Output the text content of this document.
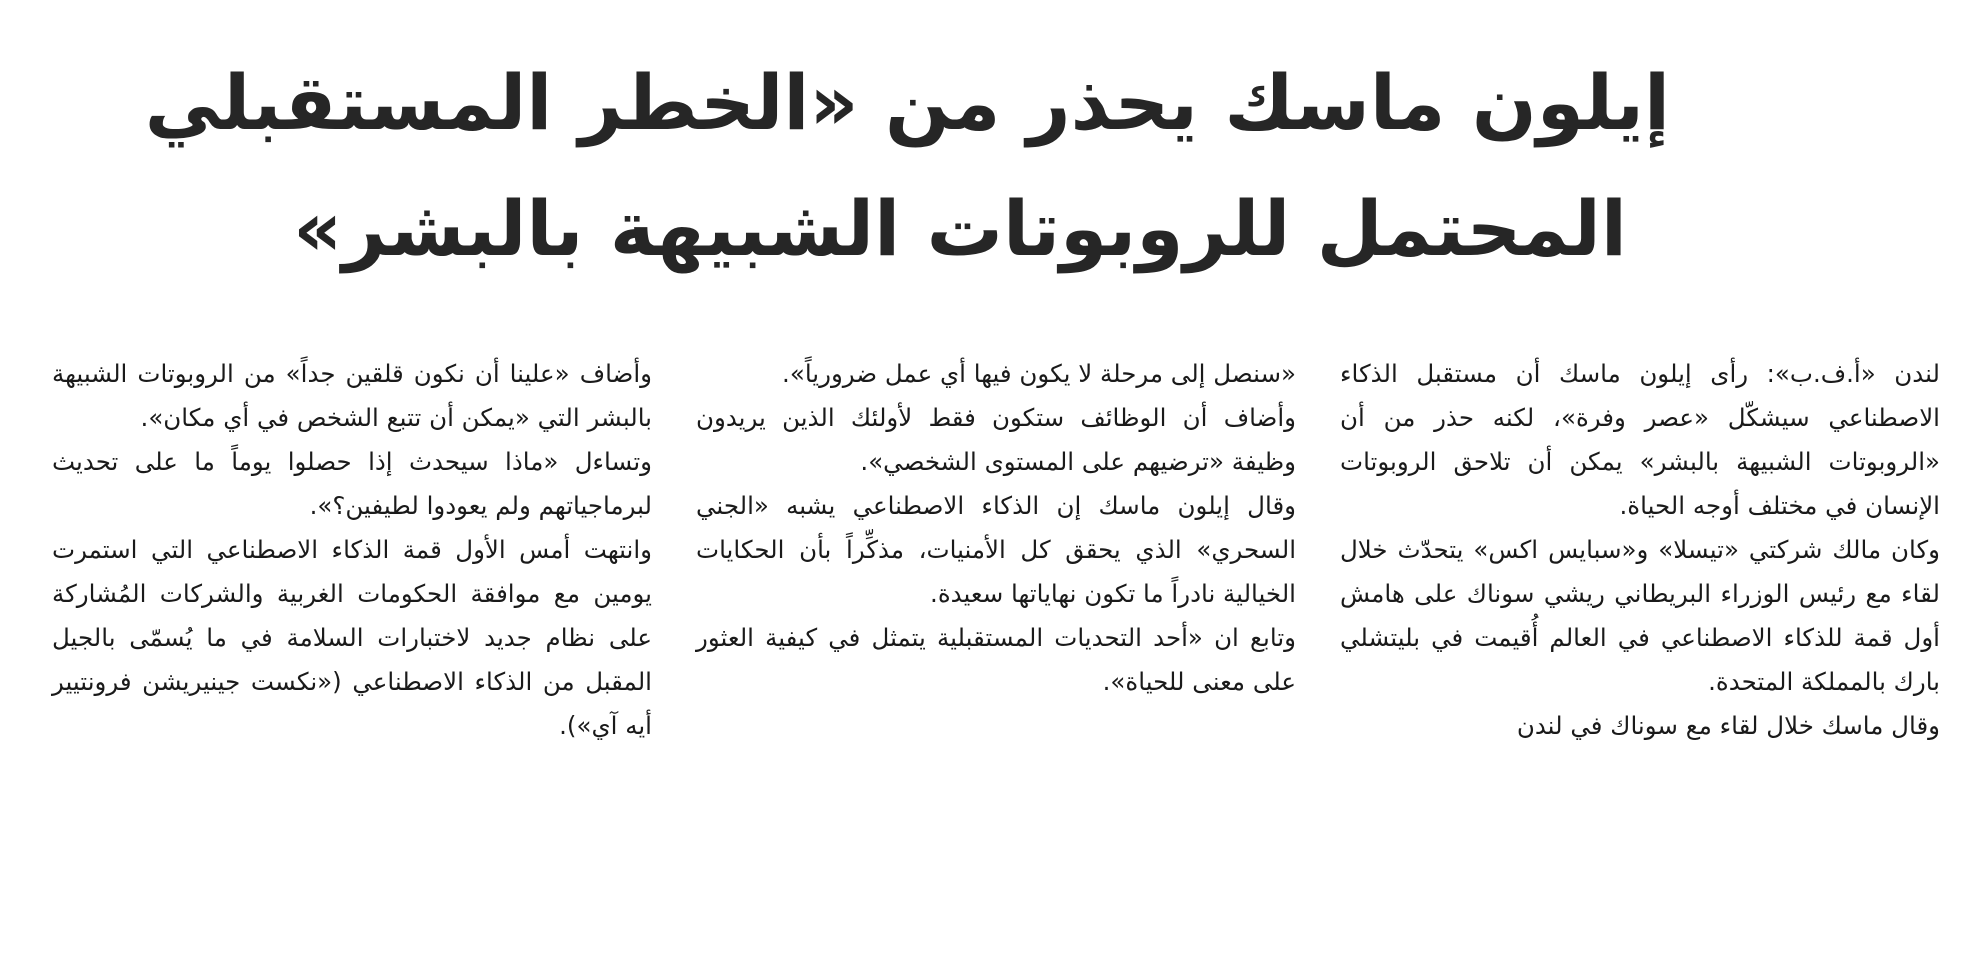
إيلون ماسك يحذر من «الخطر المستقبلي
المحتمل للروبوتات الشبيهة بالبشر»

لندن «أ.ف.ب»: رأى إيلون ماسك أن مستقبل الذكاء الاصطناعي سيشكّل «عصر وفرة»، لكنه حذر من أن «الروبوتات الشبيهة بالبشر» يمكن أن تلاحق الروبوتات الإنسان في مختلف أوجه الحياة.

وكان مالك شركتي «تيسلا» و«سبايس اكس» يتحدّث خلال لقاء مع رئيس الوزراء البريطاني ريشي سوناك على هامش أول قمة للذكاء الاصطناعي في العالم أُقيمت في بليتشلي بارك بالمملكة المتحدة.

وقال ماسك خلال لقاء مع سوناك في لندن

«سنصل إلى مرحلة لا يكون فيها أي عمل ضرورياً».

وأضاف أن الوظائف ستكون فقط لأولئك الذين يريدون وظيفة «ترضيهم على المستوى الشخصي».

وقال إيلون ماسك إن الذكاء الاصطناعي يشبه «الجني السحري» الذي يحقق كل الأمنيات، مذكِّراً بأن الحكايات الخيالية نادراً ما تكون نهاياتها سعيدة.

وتابع ان «أحد التحديات المستقبلية يتمثل في كيفية العثور على معنى للحياة».

وأضاف «علينا أن نكون قلقين جداً» من الروبوتات الشبيهة بالبشر التي «يمكن أن تتبع الشخص في أي مكان».

وتساءل «ماذا سيحدث إذا حصلوا يوماً ما على تحديث لبرماجياتهم ولم يعودوا لطيفين؟».

وانتهت أمس الأول قمة الذكاء الاصطناعي التي استمرت يومين مع موافقة الحكومات الغربية والشركات المُشاركة على نظام جديد لاختبارات السلامة في ما يُسمّى بالجيل المقبل من الذكاء الاصطناعي («نكست جينيريشن فرونتيير أيه آي»).
